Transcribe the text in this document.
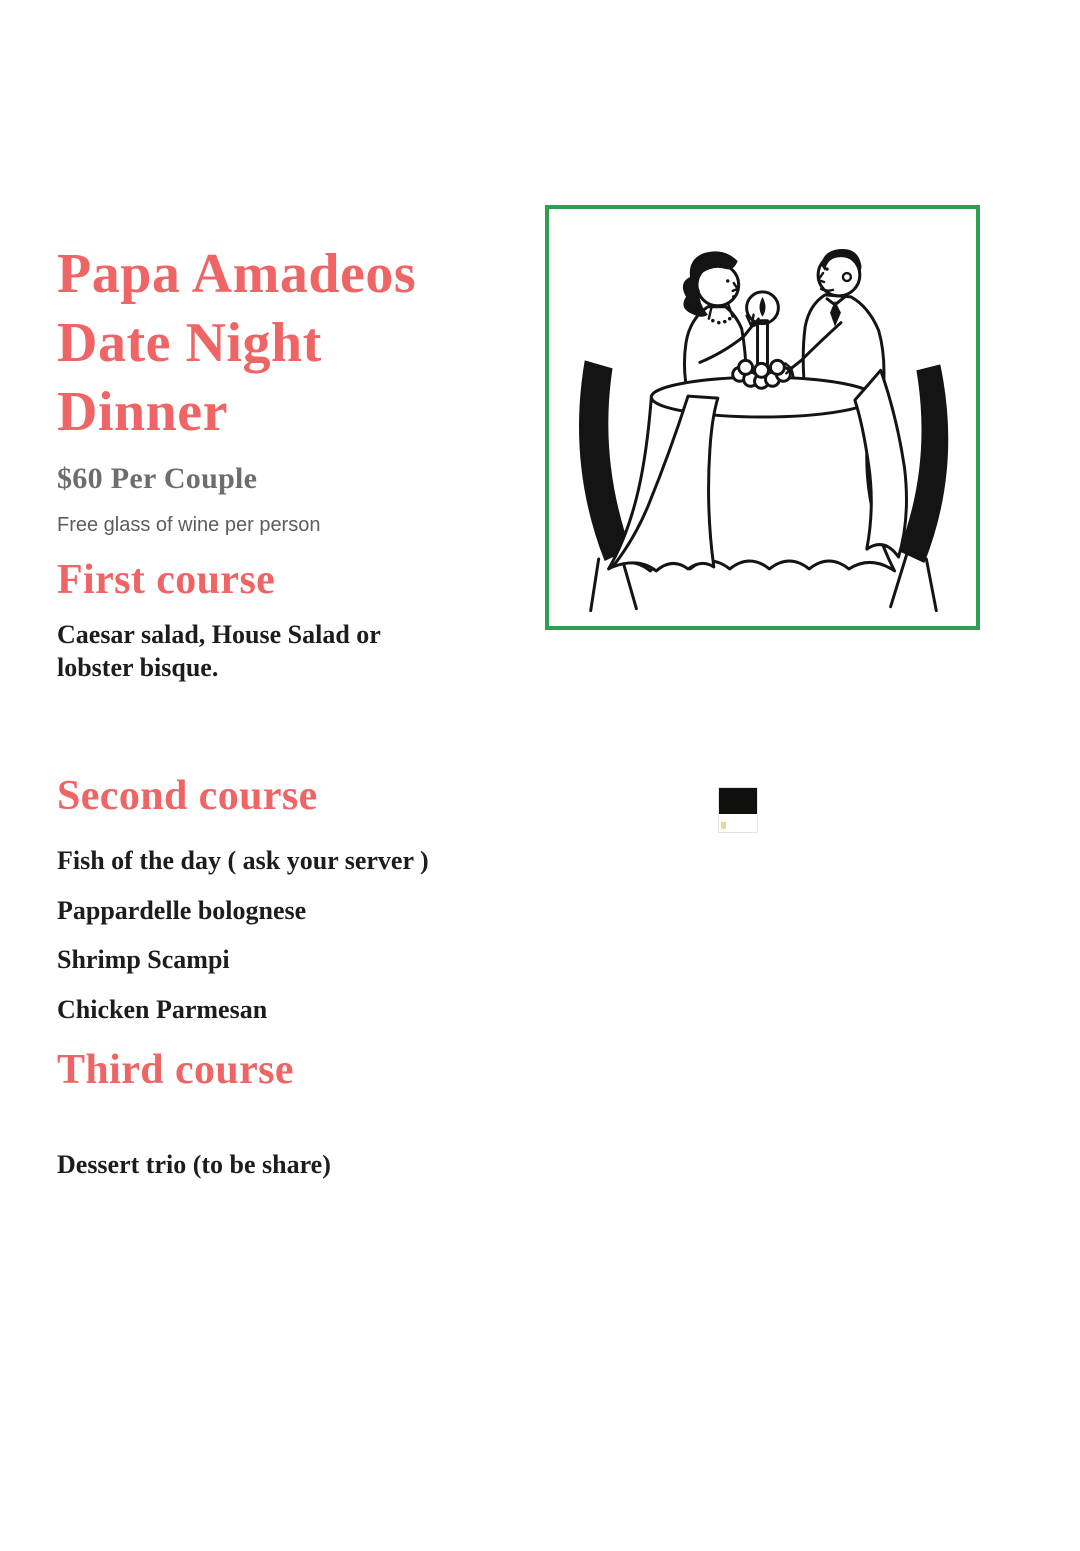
Papa Amadeos Date Night Dinner
$60 Per Couple
Free glass of wine per person
First course
Caesar salad, House Salad or lobster bisque.
Second course
Fish of the day ( ask your server )
Pappardelle bolognese
Shrimp Scampi
Chicken Parmesan
Third course
Dessert trio (to be share)
